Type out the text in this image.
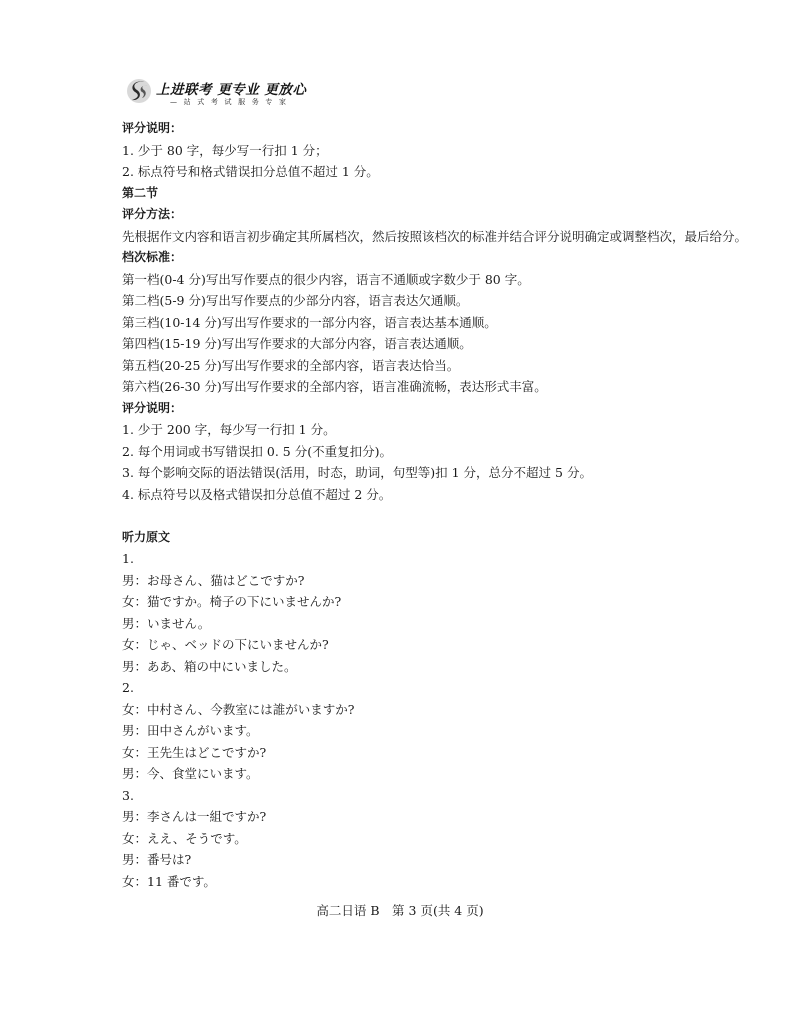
上进联考 更专业 更放心
— 站 式 考 试 服 务 专 家
评分说明：
1. 少于 80 字，每少写一行扣 1 分；
2. 标点符号和格式错误扣分总值不超过 1 分。
第二节
评分方法：
先根据作文内容和语言初步确定其所属档次，然后按照该档次的标准并结合评分说明确定或调整档次，最后给分。
档次标准：
第一档(0-4 分)写出写作要点的很少内容，语言不通顺或字数少于 80 字。
第二档(5-9 分)写出写作要点的少部分内容，语言表达欠通顺。
第三档(10-14 分)写出写作要求的一部分内容，语言表达基本通顺。
第四档(15-19 分)写出写作要求的大部分内容，语言表达通顺。
第五档(20-25 分)写出写作要求的全部内容，语言表达恰当。
第六档(26-30 分)写出写作要求的全部内容，语言准确流畅，表达形式丰富。
评分说明：
1. 少于 200 字，每少写一行扣 1 分。
2. 每个用词或书写错误扣 0. 5 分(不重复扣分)。
3. 每个影响交际的语法错误(活用，时态，助词，句型等)扣 1 分，总分不超过 5 分。
4. 标点符号以及格式错误扣分总值不超过 2 分。
听力原文
1.
男：お母さん、猫はどこですか?
女：猫ですか。椅子の下にいませんか?
男：いません。
女：じゃ、ベッドの下にいませんか?
男：ああ、箱の中にいました。
2.
女：中村さん、今教室には誰がいますか?
男：田中さんがいます。
女：王先生はどこですか?
男：今、食堂にいます。
3.
男：李さんは一組ですか?
女：ええ、そうです。
男：番号は?
女：11 番です。
高二日语 B　第 3 页(共 4 页)
